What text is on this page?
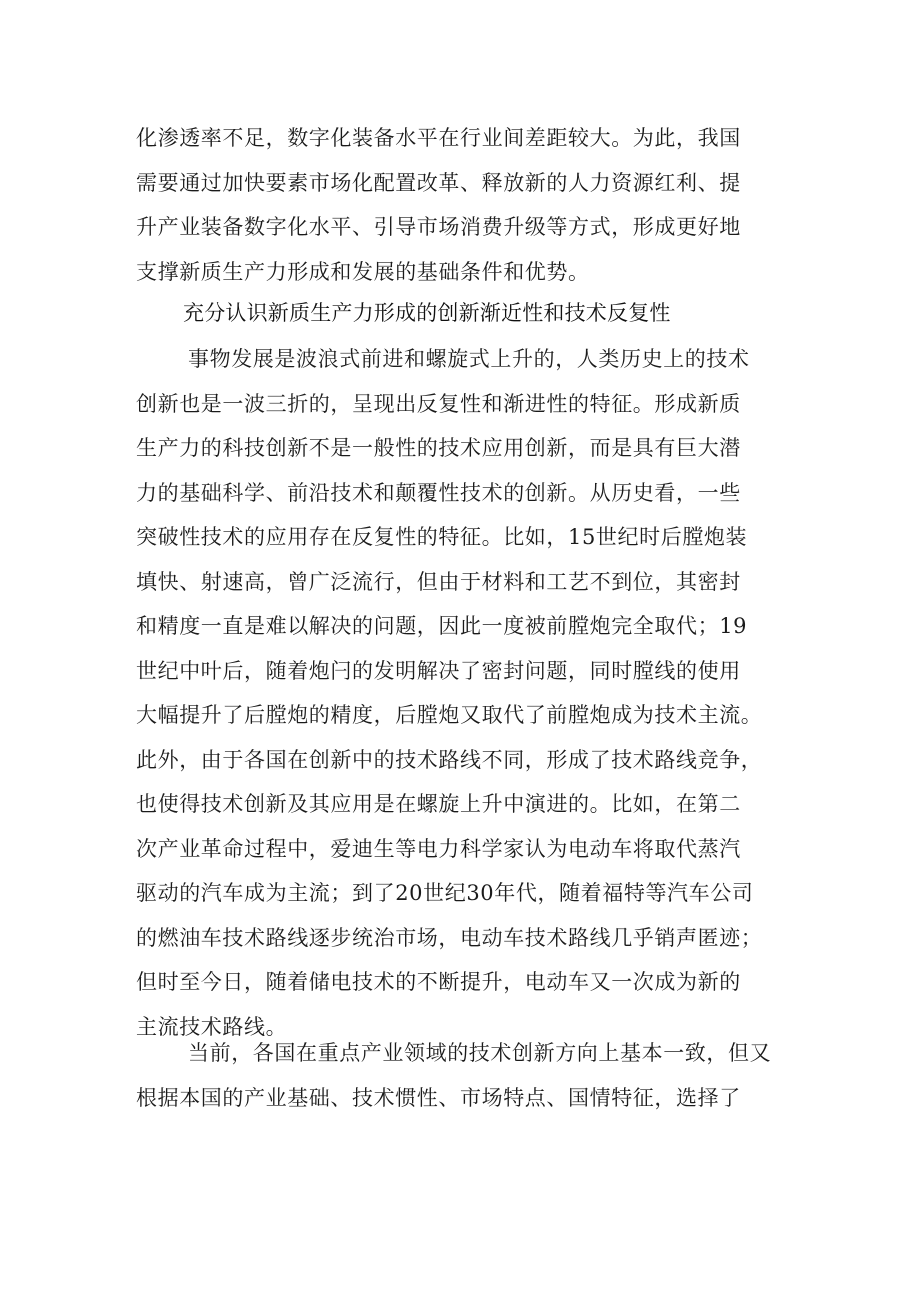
化渗透率不足，数字化装备水平在行业间差距较大。为此，我国
需要通过加快要素市场化配置改革、释放新的人力资源红利、提
升产业装备数字化水平、引导市场消费升级等方式，形成更好地
支撑新质生产力形成和发展的基础条件和优势。
充分认识新质生产力形成的创新渐近性和技术反复性
事物发展是波浪式前进和螺旋式上升的，人类历史上的技术
创新也是一波三折的，呈现出反复性和渐进性的特征。形成新质
生产力的科技创新不是一般性的技术应用创新，而是具有巨大潜
力的基础科学、前沿技术和颠覆性技术的创新。从历史看，一些
突破性技术的应用存在反复性的特征。比如，15世纪时后膛炮装
填快、射速高，曾广泛流行，但由于材料和工艺不到位，其密封
和精度一直是难以解决的问题，因此一度被前膛炮完全取代；19
世纪中叶后，随着炮闩的发明解决了密封问题，同时膛线的使用
大幅提升了后膛炮的精度，后膛炮又取代了前膛炮成为技术主流。
此外，由于各国在创新中的技术路线不同，形成了技术路线竞争，
也使得技术创新及其应用是在螺旋上升中演进的。比如，在第二
次产业革命过程中，爱迪生等电力科学家认为电动车将取代蒸汽
驱动的汽车成为主流；到了20世纪30年代，随着福特等汽车公司
的燃油车技术路线逐步统治市场，电动车技术路线几乎销声匿迹；
但时至今日，随着储电技术的不断提升，电动车又一次成为新的
主流技术路线。
当前，各国在重点产业领域的技术创新方向上基本一致，但又
根据本国的产业基础、技术惯性、市场特点、国情特征，选择了
